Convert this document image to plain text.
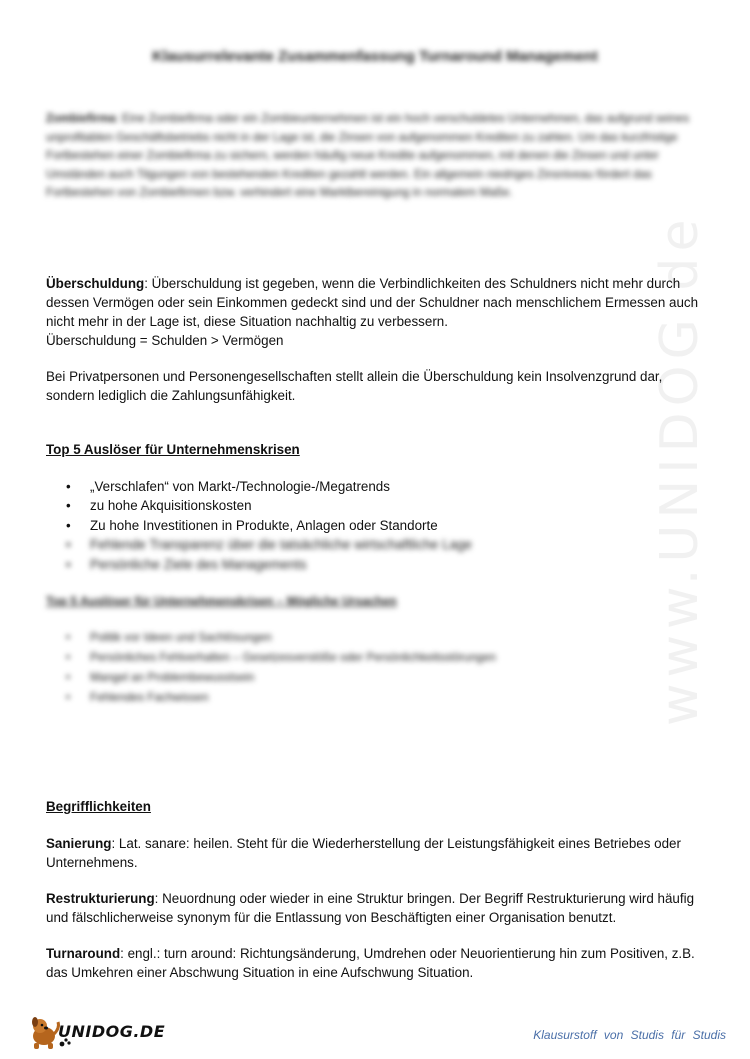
www.UNIDOG.de
Klausurrelevante Zusammenfassung Turnaround Management

Zombiefirma: Eine Zombiefirma oder ein Zombieunternehmen ist ein hoch verschuldetes Unternehmen, das aufgrund seines unprofitablen Geschäftsbetriebs nicht in der Lage ist, die Zinsen von aufgenommen Krediten zu zahlen. Um das kurzfristige Fortbestehen einer Zombiefirma zu sichern, werden häufig neue Kredite aufgenommen, mit denen die Zinsen und unter Umständen auch Tilgungen von bestehenden Krediten gezahlt werden. Ein allgemein niedriges Zinsniveau fördert das Fortbestehen von Zombiefirmen bzw. verhindert eine Marktbereinigung in normalem Maße.

Überschuldung: Überschuldung ist gegeben, wenn die Verbindlichkeiten des Schuldners nicht mehr durch dessen Vermögen oder sein Einkommen gedeckt sind und der Schuldner nach menschlichem Ermessen auch nicht mehr in der Lage ist, diese Situation nachhaltig zu verbessern.

Überschuldung = Schulden > Vermögen

Bei Privatpersonen und Personengesellschaften stellt allein die Überschuldung kein Insolvenzgrund dar, sondern lediglich die Zahlungsunfähigkeit.

Top 5 Auslöser für Unternehmenskrisen
• „Verschlafen“ von Markt-/Technologie-/Megatrends
• zu hohe Akquisitionskosten
• Zu hohe Investitionen in Produkte, Anlagen oder Standorte
• Fehlende Transparenz über die tatsächliche wirtschaftliche Lage
• Persönliche Ziele des Managements
Top 5 Auslöser für Unternehmenskrisen – Mögliche Ursachen
• Politik vor Ideen und Sachlösungen
• Persönliches Fehlverhalten – Gesetzesverstöße oder Persönlichkeitsstörungen
• Mangel an Problembewusstsein
• Fehlendes Fachwissen
Begrifflichkeiten

Sanierung: Lat. sanare: heilen. Steht für die Wiederherstellung der Leistungsfähigkeit eines Betriebes oder Unternehmens.

Restrukturierung: Neuordnung oder wieder in eine Struktur bringen. Der Begriff Restrukturierung wird häufig und fälschlicherweise synonym für die Entlassung von Beschäftigten einer Organisation benutzt.

Turnaround: engl.: turn around: Richtungsänderung, Umdrehen oder Neuorientierung hin zum Positiven, z.B. das Umkehren einer Abschwung Situation in eine Aufschwung Situation.

UNIDOG.DE	Klausurstoff von Studis für Studis
